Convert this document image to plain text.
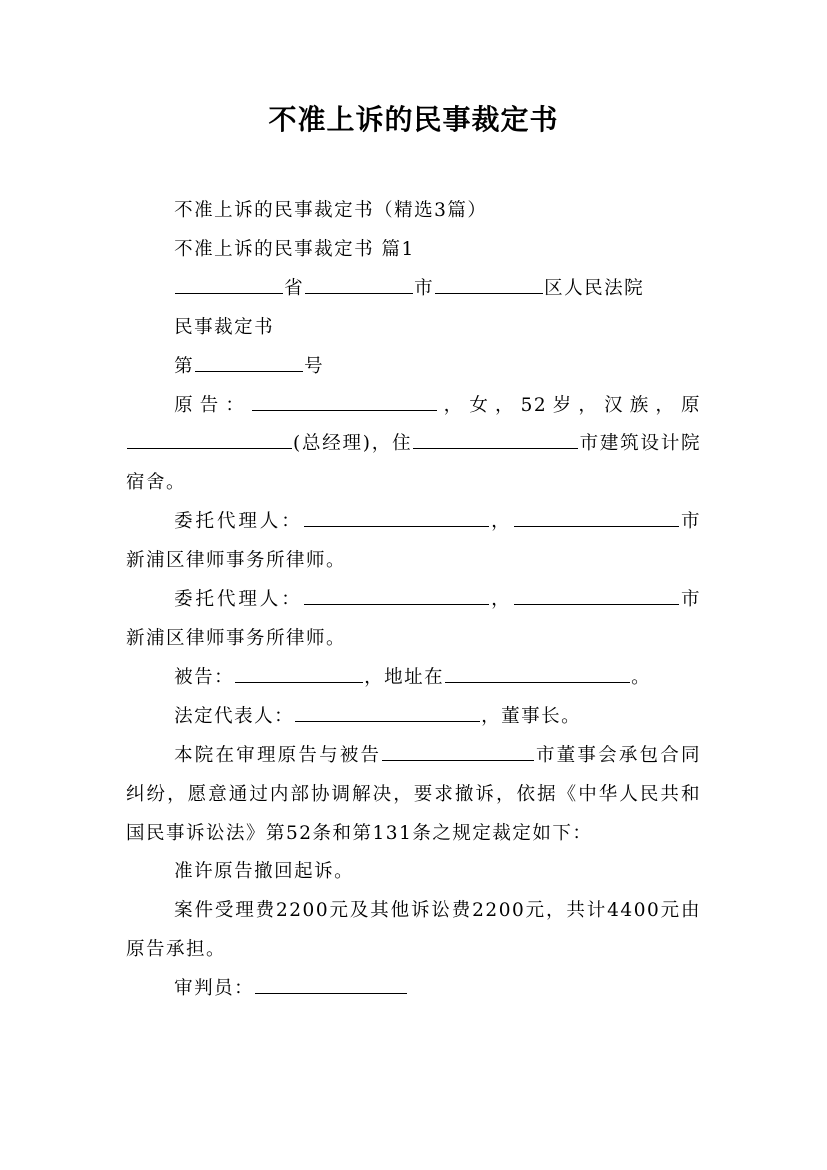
不准上诉的民事裁定书

不准上诉的民事裁定书（精选3篇）

不准上诉的民事裁定书 篇1

省	市	区人民法院

民事裁定书

第	号

原告：	，女，52岁，汉族，原(总经理)，住	市建筑设计院宿舍。

委托代理人：	，	市新浦区律师事务所律师。

委托代理人：	，	市新浦区律师事务所律师。

被告：	，地址在	。

法定代表人：	，董事长。

本院在审理原告与被告	市董事会承包合同纠纷，愿意通过内部协调解决，要求撤诉，依据《中华人民共和国民事诉讼法》第52条和第131条之规定裁定如下：

准许原告撤回起诉。

案件受理费2200元及其他诉讼费2200元，共计4400元由原告承担。

审判员：
